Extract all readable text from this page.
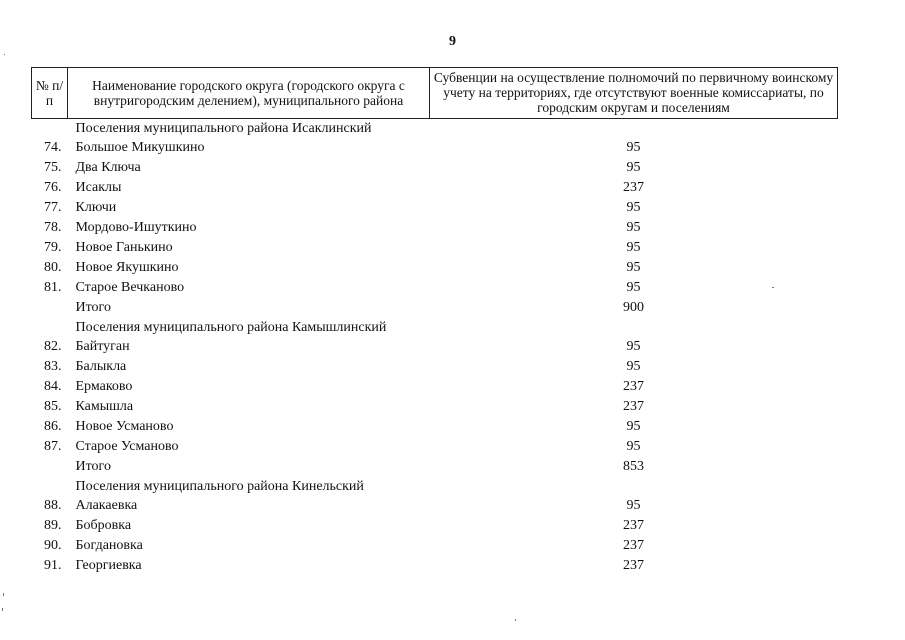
9
№ п/п	Наименование городского округа (городского округа с внутригородским делением), муниципального района	Субвенции на осуществление полномочий по первичному воинскому учету на территориях, где отсутствуют военные комиссариаты, по городским округам и поселениям
	Поселения муниципального района Исаклинский	
74.	Большое Микушкино	95
75.	Два Ключа	95
76.	Исаклы	237
77.	Ключи	95
78.	Мордово-Ишуткино	95
79.	Новое Ганькино	95
80.	Новое Якушкино	95
81.	Старое Вечканово	95
	Итого	900
	Поселения муниципального района Камышлинский	
82.	Байтуган	95
83.	Балыкла	95
84.	Ермаково	237
85.	Камышла	237
86.	Новое Усманово	95
87.	Старое Усманово	95
	Итого	853
	Поселения муниципального района Кинельский	
88.	Алакаевка	95
89.	Бобровка	237
90.	Богдановка	237
91.	Георгиевка	237
